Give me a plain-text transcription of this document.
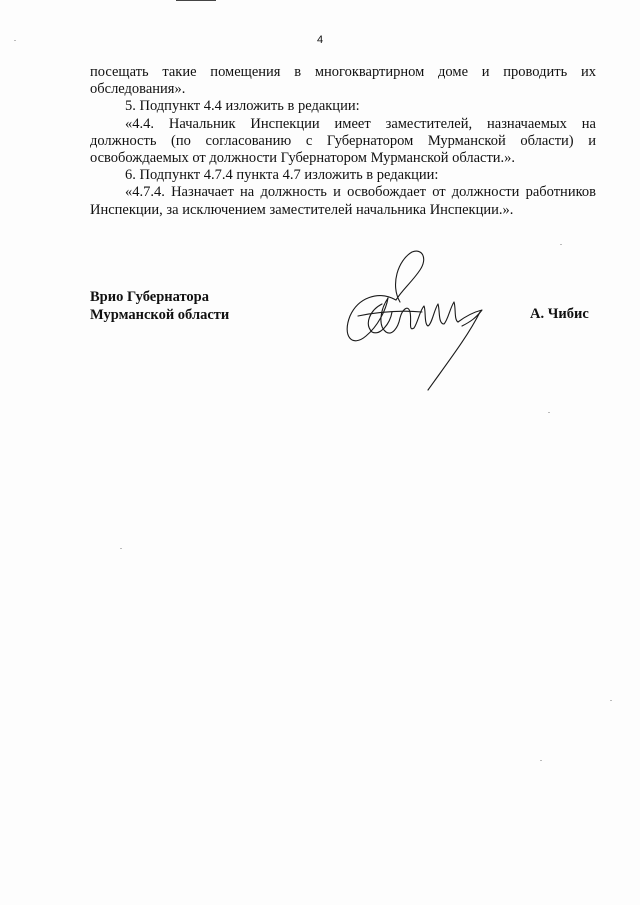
4

посещать такие помещения в многоквартирном доме и проводить их обследования».

5. Подпункт 4.4 изложить в редакции:

«4.4. Начальник Инспекции имеет заместителей, назначаемых на должность (по согласованию с Губернатором Мурманской области) и освобождаемых от должности Губернатором Мурманской области.».

6. Подпункт 4.7.4 пункта 4.7 изложить в редакции:

«4.7.4. Назначает на должность и освобождает от должности работников Инспекции, за исключением заместителей начальника Инспекции.».

Врио Губернатора
Мурманской области	А. Чибис
